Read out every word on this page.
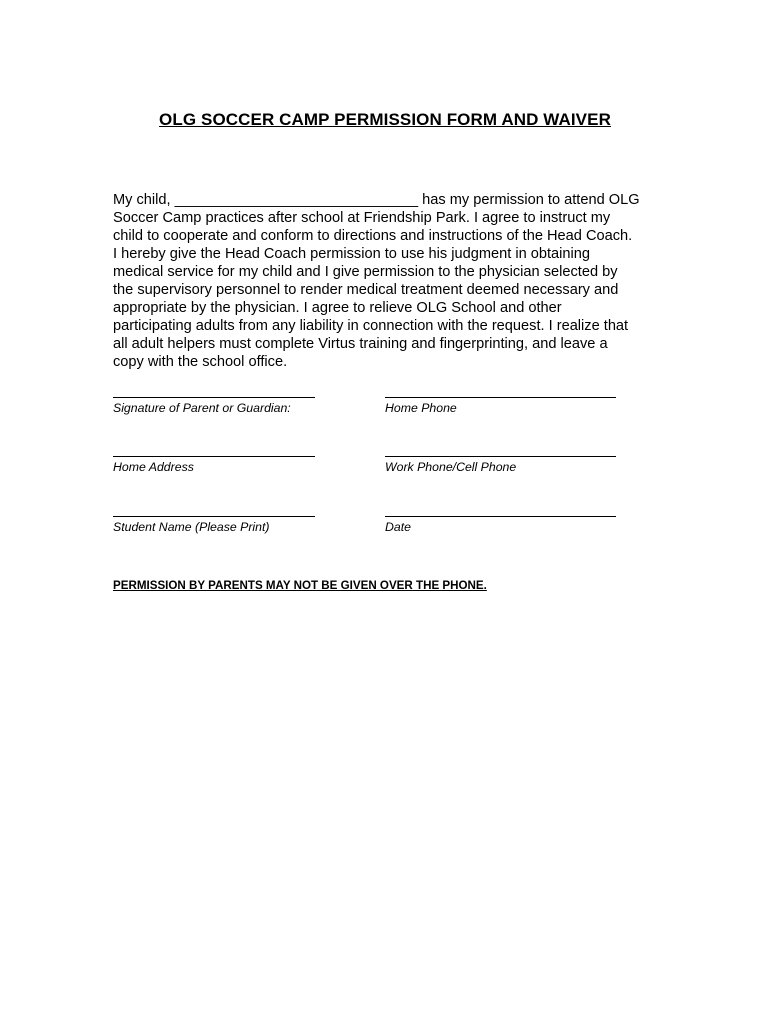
OLG SOCCER CAMP PERMISSION FORM AND WAIVER
My child, ______________________________ has my permission to attend OLG
Soccer Camp practices after school at Friendship Park. I agree to instruct my
child to cooperate and conform to directions and instructions of the Head Coach.
I hereby give the Head Coach permission to use his judgment in obtaining
medical service for my child and I give permission to the physician selected by
the supervisory personnel to render medical treatment deemed necessary and
appropriate by the physician. I agree to relieve OLG School and other
participating adults from any liability in connection with the request. I realize that
all adult helpers must complete Virtus training and fingerprinting, and leave a
copy with the school office.
Signature of Parent or Guardian:	Home Phone
Home Address	Work Phone/Cell Phone
Student Name (Please Print)	Date
PERMISSION BY PARENTS MAY NOT BE GIVEN OVER THE PHONE.
